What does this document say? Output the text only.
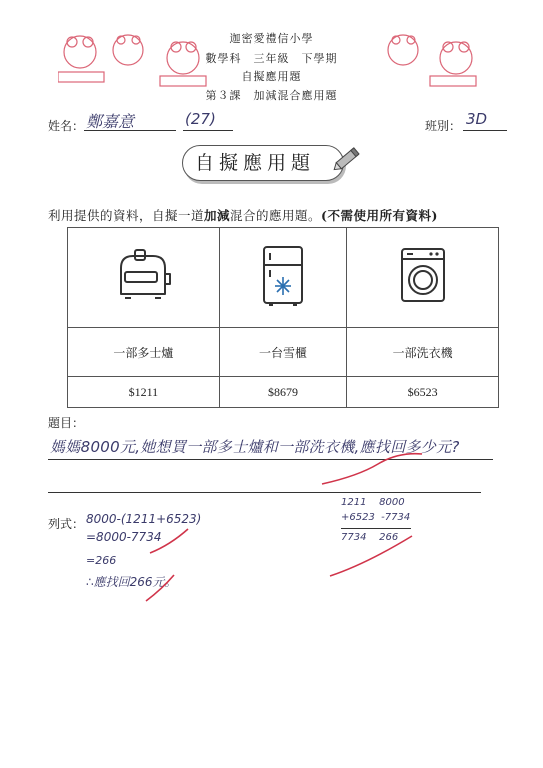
迦密愛禮信小學
數學科　三年級　下學期
自擬應用題
第３課　加減混合應用題
姓名： 鄭嘉意	(27)	班別： 3D
自擬應用題
利用提供的資料，自擬一道加減混合的應用題。(不需使用所有資料)

一部多士爐	一台雪櫃	一部洗衣機
$1211	$8679	$6523
題目：
媽媽8000元,她想買一部多士爐和一部洗衣機,應找回多少元?
列式： 8000-(1211+6523)
=8000-7734
=266
∴應找回266元。
1211    8000
+6523  -7734
7734    266
